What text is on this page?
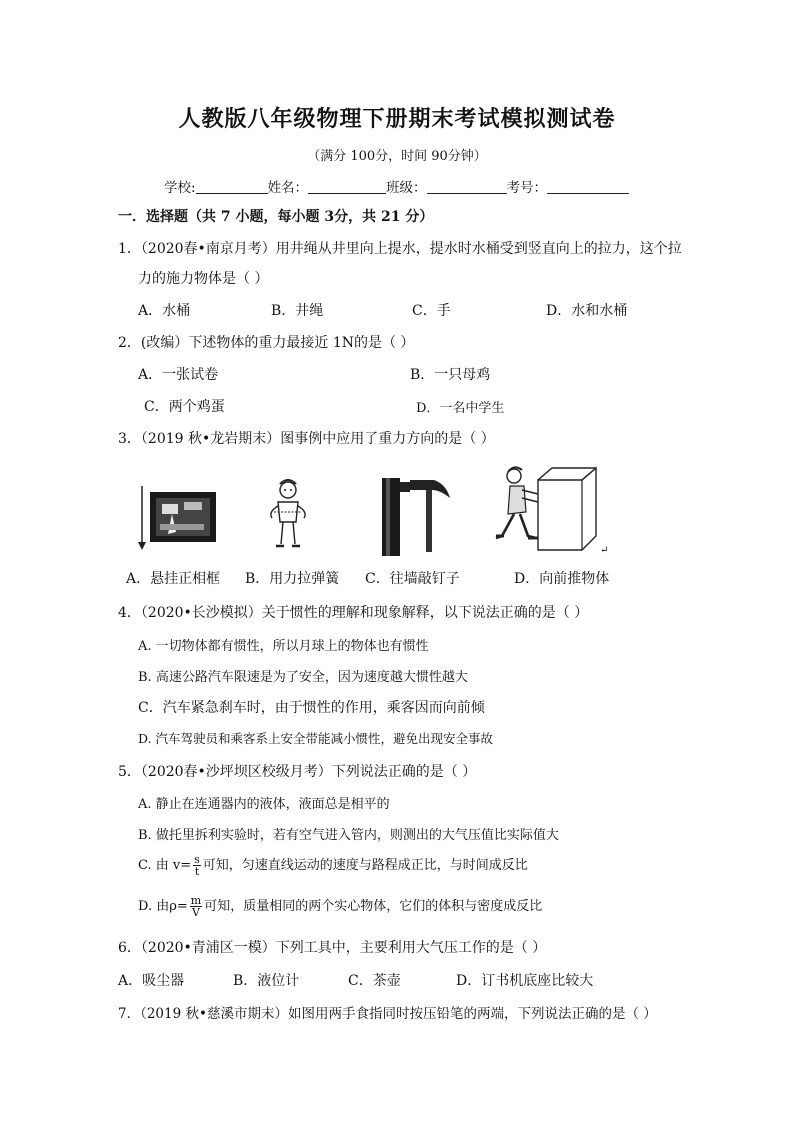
人教版八年级物理下册期末考试模拟测试卷
（满分 100分，时间 90分钟）
学校:	姓名：	班级：	考号：
一．选择题（共 7 小题，每小题 3分，共 21 分）
1．（2020春•南京月考）用井绳从井里向上提水，提水时水桶受到竖直向上的拉力，这个拉
力的施力物体是（ ）
A．水桶	B．井绳	C．手	D．水和水桶
2．(改编）下述物体的重力最接近 1N的是（ ）
A．一张试卷	B．一只母鸡
C．两个鸡蛋	D．一名中学生
3．（2019 秋•龙岩期末）图事例中应用了重力方向的是（ ）
↵
A．悬挂正相框 B．用力拉弹簧 C．往墙敲钉子	D．向前推物体
4．（2020•长沙模拟）关于惯性的理解和现象解释，以下说法正确的是（ ）
A. 一切物体都有惯性，所以月球上的物体也有惯性
B. 高速公路汽车限速是为了安全，因为速度越大惯性越大
C．汽车紧急刹车时，由于惯性的作用，乘客因而向前倾
D. 汽车驾驶员和乘客系上安全带能减小惯性，避免出现安全事故
5．（2020春•沙坪坝区校级月考）下列说法正确的是（ ）
A. 静止在连通器内的液体，液面总是相平的
B. 做托里拆利实验时，若有空气进入管内，则测出的大气压值比实际值大
C. 由 $v= \frac{s}{t}$ 可知，匀速直线运动的速度与路程成正比，与时间成反比
D. 由$\rho= \frac{m}{V}$ 可知，质量相同的两个实心物体，它们的体积与密度成反比
6．（2020•青浦区一模）下列工具中，主要利用大气压工作的是（ ）
A．吸尘器	B．液位计	C．茶壶	D．订书机底座比较大
7．（2019 秋•慈溪市期末）如图用两手食指同时按压铅笔的两端，下列说法正确的是（ ）
